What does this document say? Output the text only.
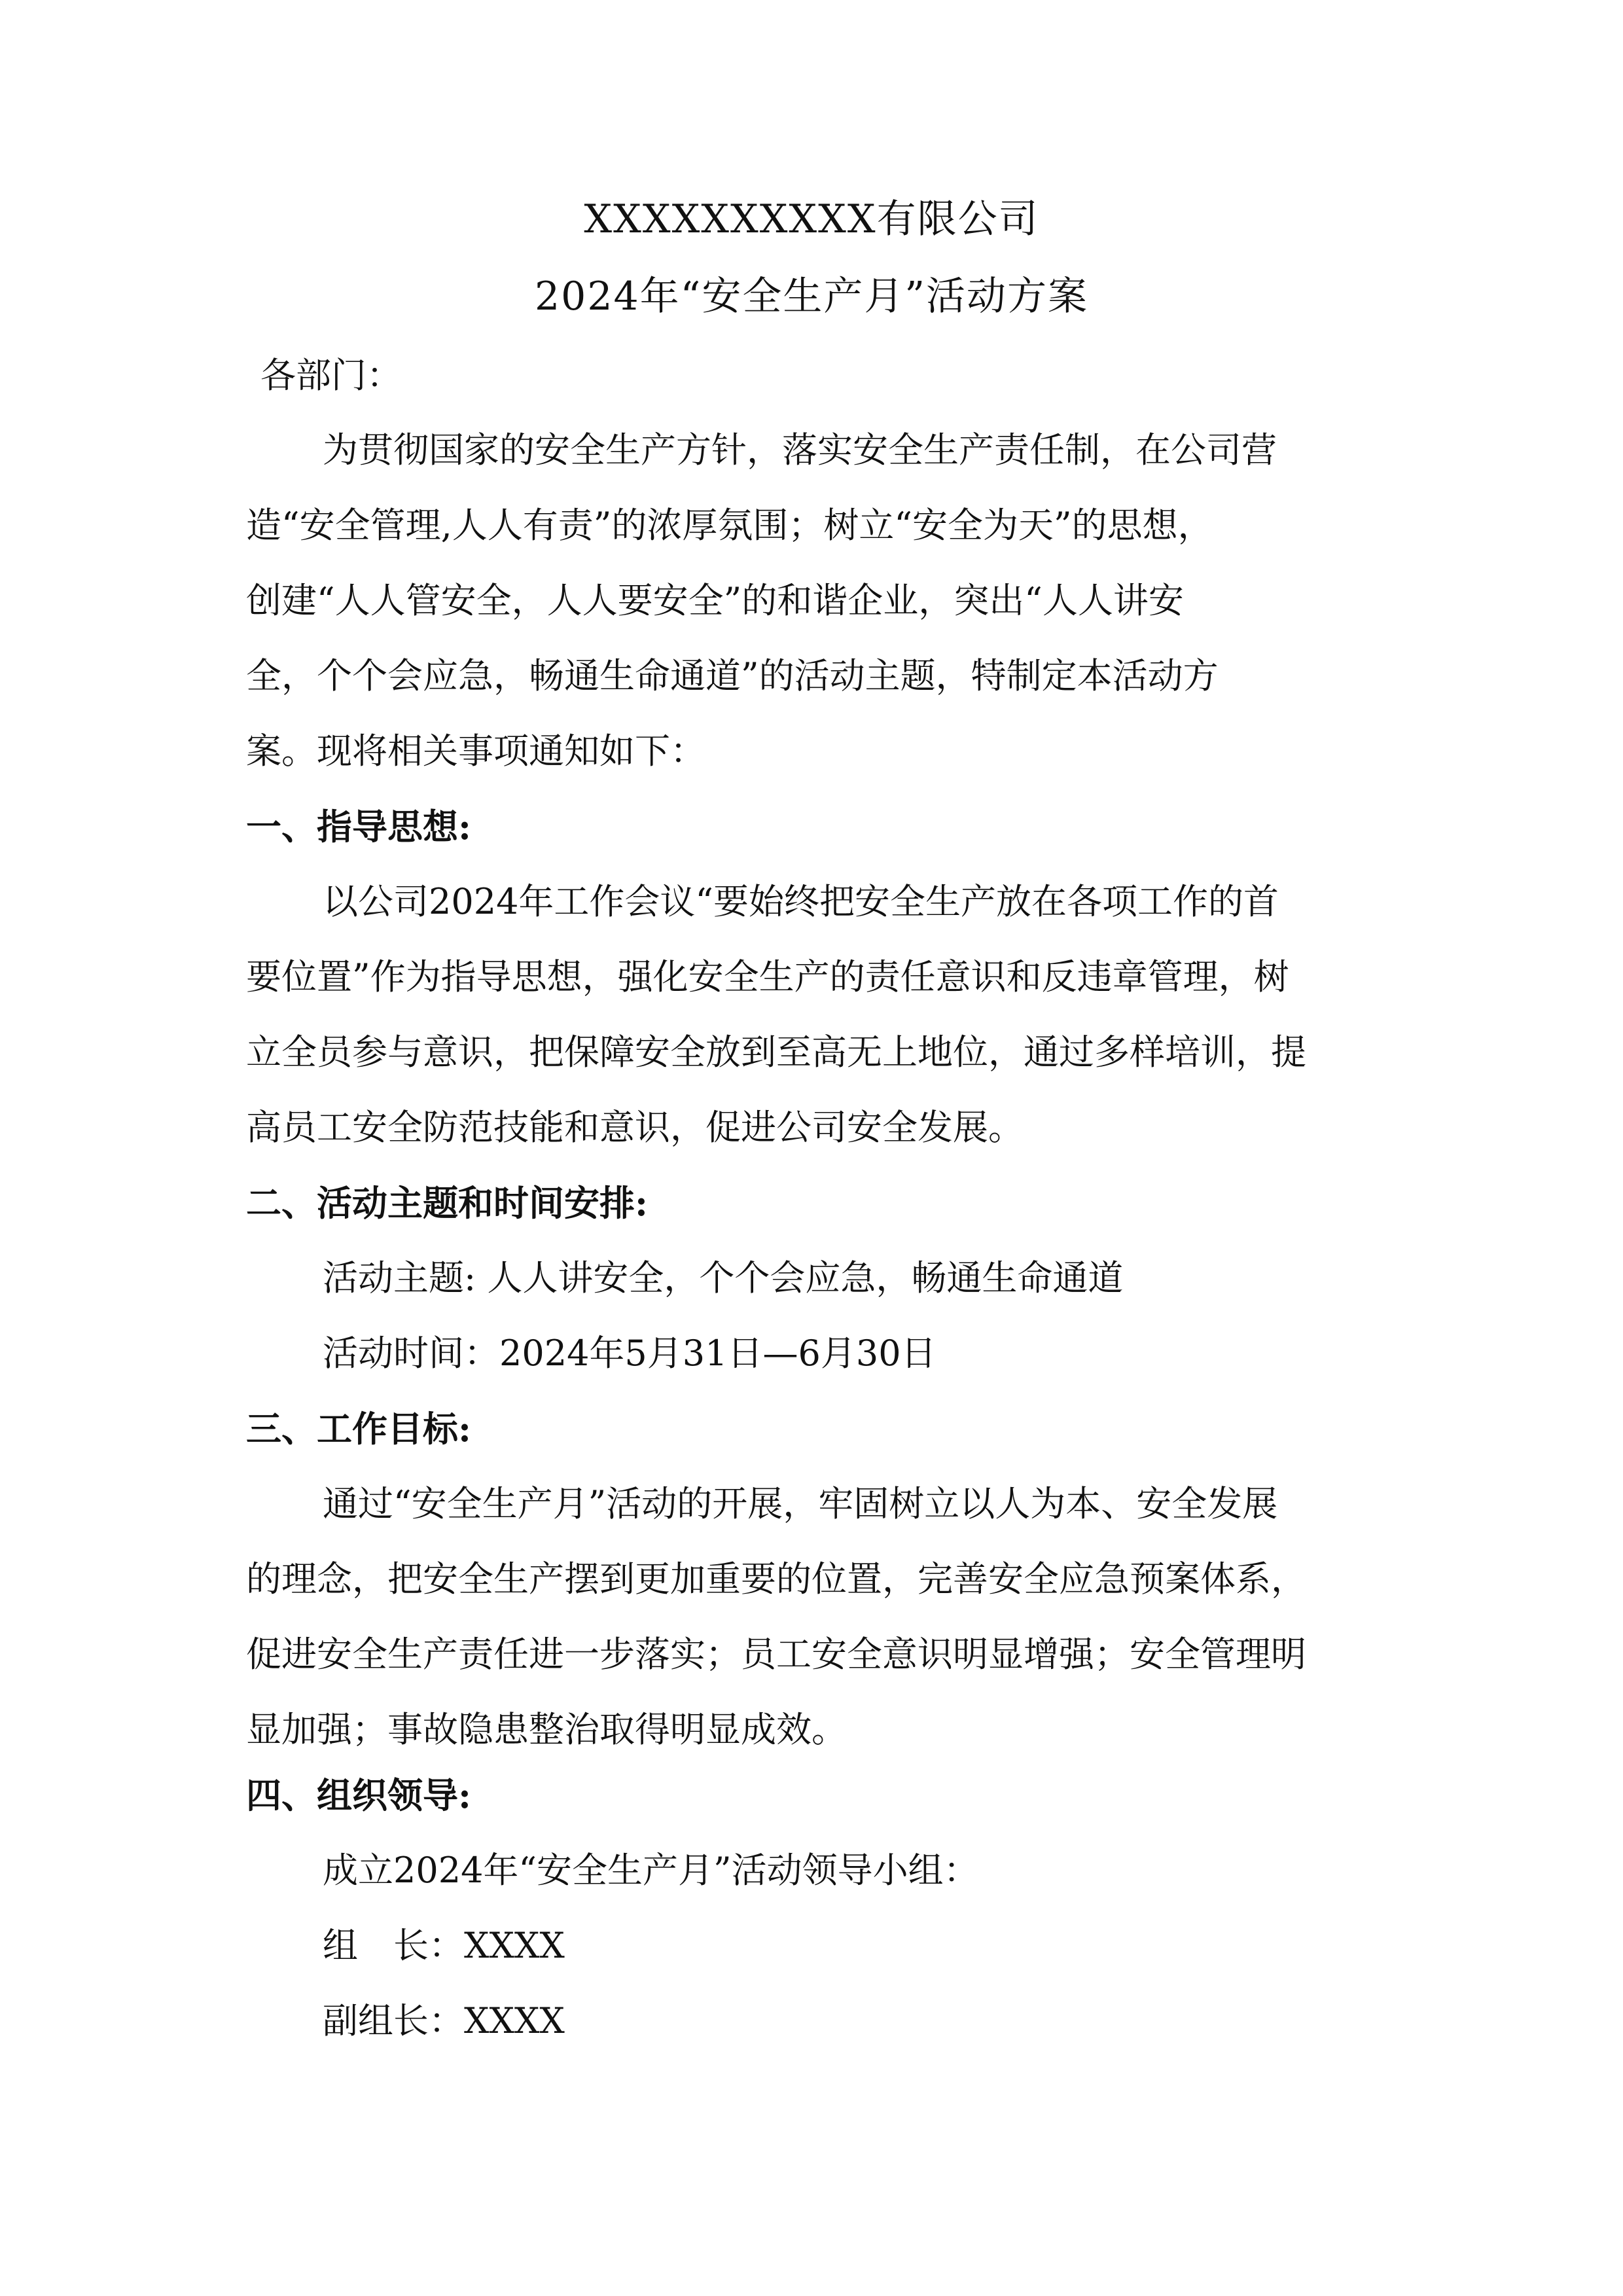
XXXXXXXXXX有限公司
2024年“安全生产月”活动方案
各部门：
为贯彻国家的安全生产方针，落实安全生产责任制，在公司营
造“安全管理,人人有责”的浓厚氛围；树立“安全为天”的思想，
创建“人人管安全，人人要安全”的和谐企业，突出“人人讲安
全，个个会应急，畅通生命通道”的活动主题，特制定本活动方
案。现将相关事项通知如下：
一、指导思想:
以公司2024年工作会议“要始终把安全生产放在各项工作的首
要位置”作为指导思想，强化安全生产的责任意识和反违章管理，树
立全员参与意识，把保障安全放到至高无上地位，通过多样培训，提
高员工安全防范技能和意识，促进公司安全发展。
二、活动主题和时间安排:
活动主题: 人人讲安全，个个会应急，畅通生命通道
活动时间：2024年5月31日—6月30日
三、工作目标:
通过“安全生产月”活动的开展，牢固树立以人为本、安全发展
的理念，把安全生产摆到更加重要的位置，完善安全应急预案体系，
促进安全生产责任进一步落实；员工安全意识明显增强；安全管理明
显加强；事故隐患整治取得明显成效。
四、组织领导:
成立2024年“安全生产月”活动领导小组：
组　长：XXXX
副组长：XXXX
